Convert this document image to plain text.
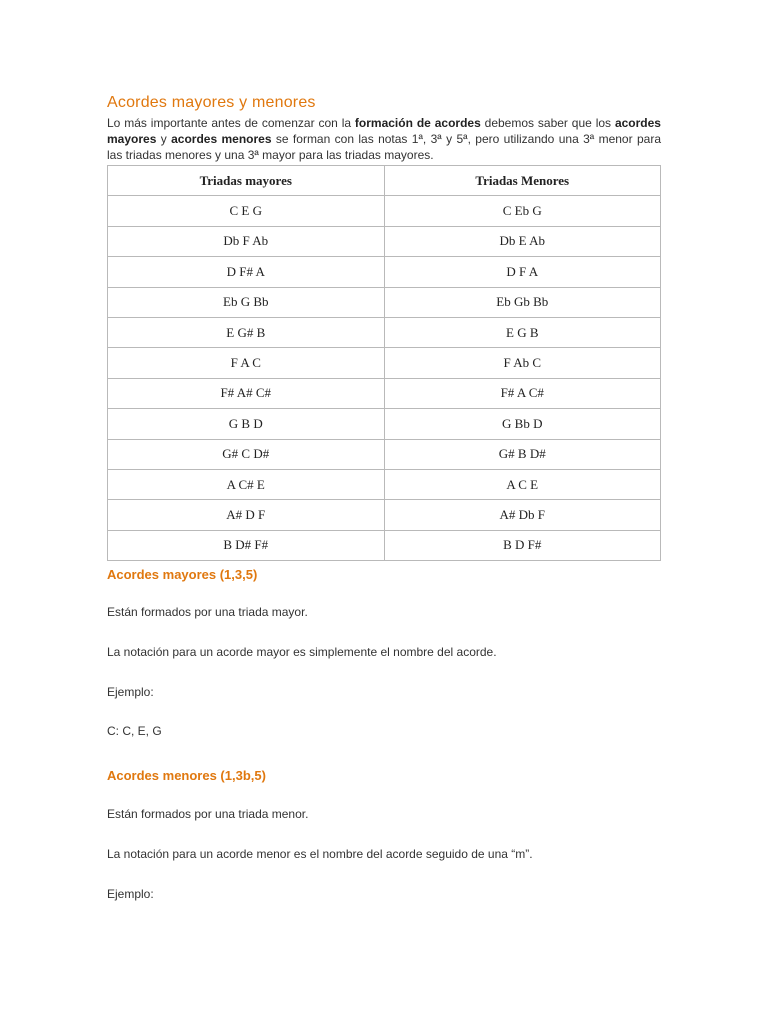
Acordes mayores y menores

Lo más importante antes de comenzar con la formación de acordes debemos saber que los acordes mayores y acordes menores se forman con las notas 1ª, 3ª y 5ª, pero utilizando una 3ª menor para las triadas menores y una 3ª mayor para las triadas mayores.

Triadas mayores	Triadas Menores
C E G	C Eb G
Db F Ab	Db E Ab
D F# A	D F A
Eb G Bb	Eb Gb Bb
E G# B	E G B
F A C	F Ab C
F# A# C#	F# A C#
G B D	G Bb D
G# C D#	G# B D#
A C# E	A C E
A# D F	A# Db F
B D# F#	B D F#
Acordes mayores (1,3,5)

Están formados por una triada mayor.

La notación para un acorde mayor es simplemente el nombre del acorde.

Ejemplo:

C: C, E, G

Acordes menores (1,3b,5)

Están formados por una triada menor.

La notación para un acorde menor es el nombre del acorde seguido de una “m”.

Ejemplo:
